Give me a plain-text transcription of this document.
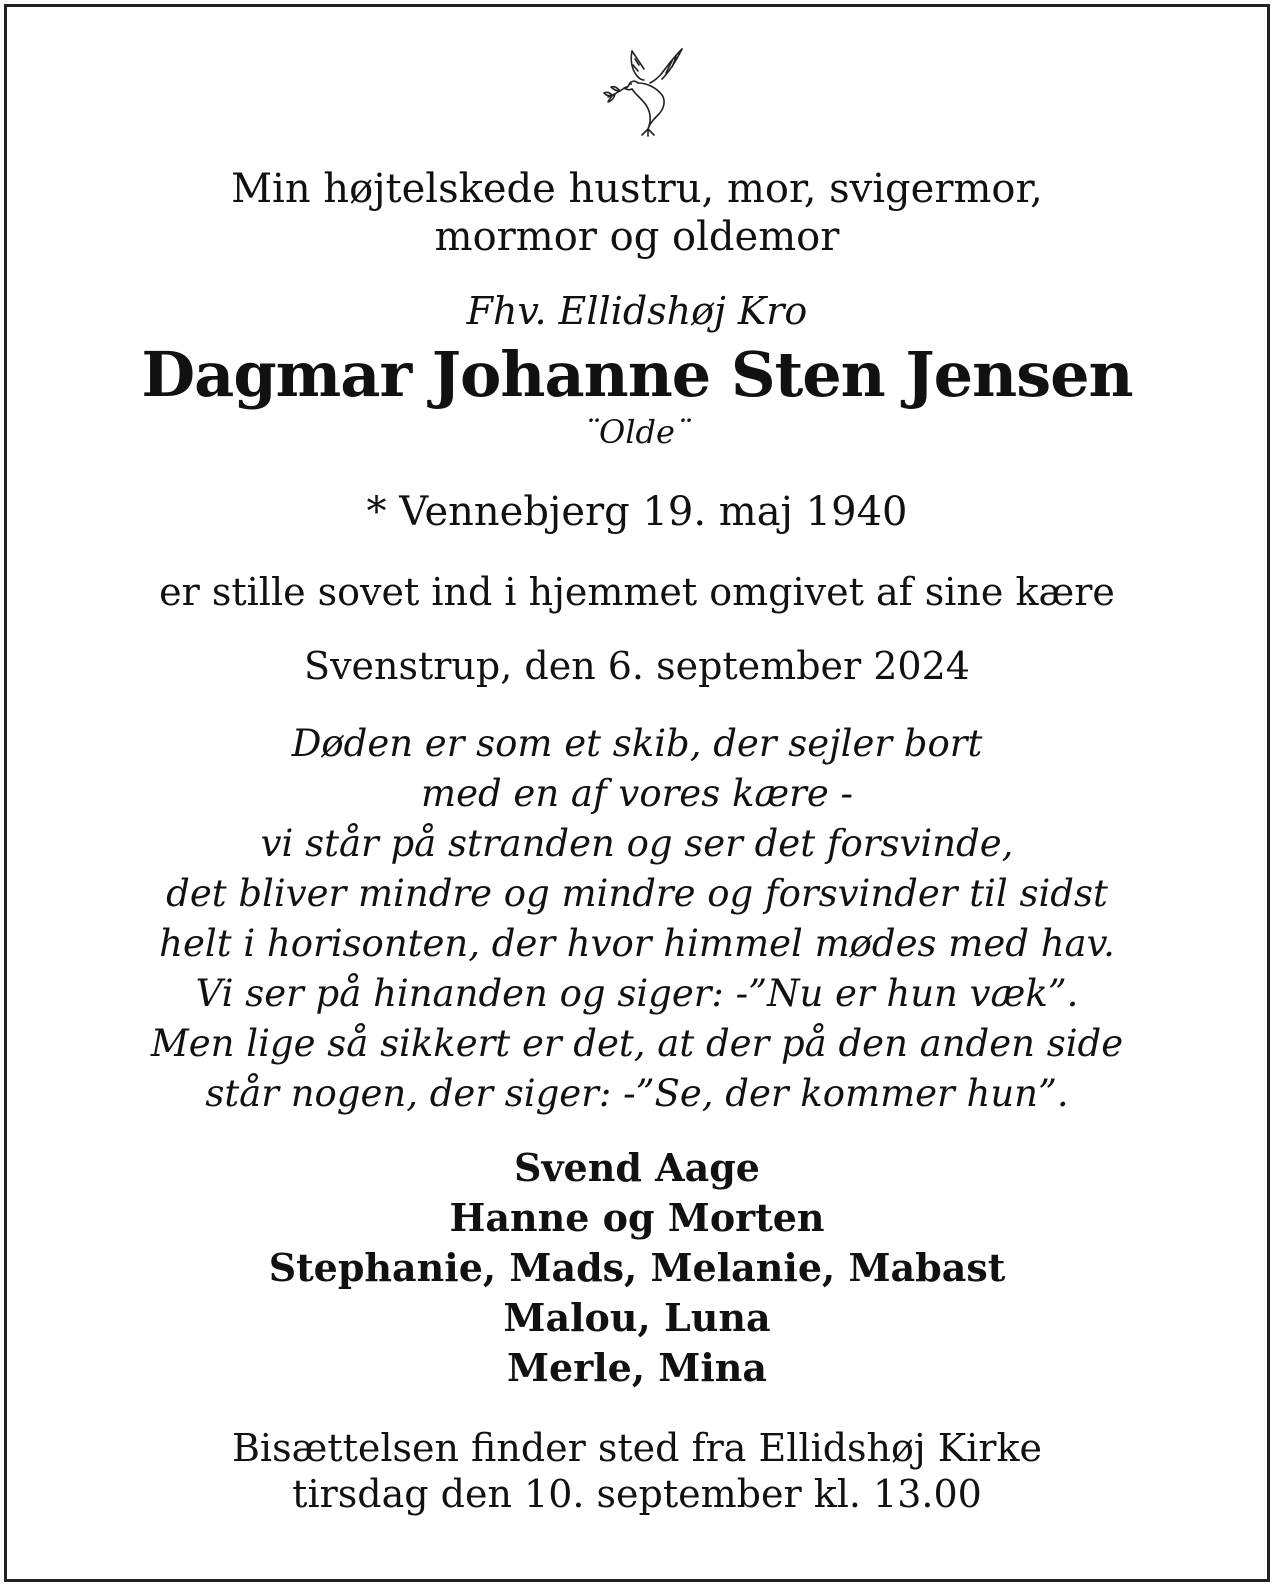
Min højtelskede hustru, mor, svigermor,
mormor og oldemor
Fhv. Ellidshøj Kro
Dagmar Johanne Sten Jensen
¨Olde¨
* Vennebjerg 19. maj 1940
er stille sovet ind i hjemmet omgivet af sine kære
Svenstrup, den 6. september 2024
Døden er som et skib, der sejler bort
med en af vores kære -
vi står på stranden og ser det forsvinde,
det bliver mindre og mindre og forsvinder til sidst
helt i horisonten, der hvor himmel mødes med hav.
Vi ser på hinanden og siger: -”Nu er hun væk”.
Men lige så sikkert er det, at der på den anden side
står nogen, der siger: -”Se, der kommer hun”.
Svend Aage
Hanne og Morten
Stephanie, Mads, Melanie, Mabast
Malou, Luna
Merle, Mina
Bisættelsen finder sted fra Ellidshøj Kirke
tirsdag den 10. september kl. 13.00
